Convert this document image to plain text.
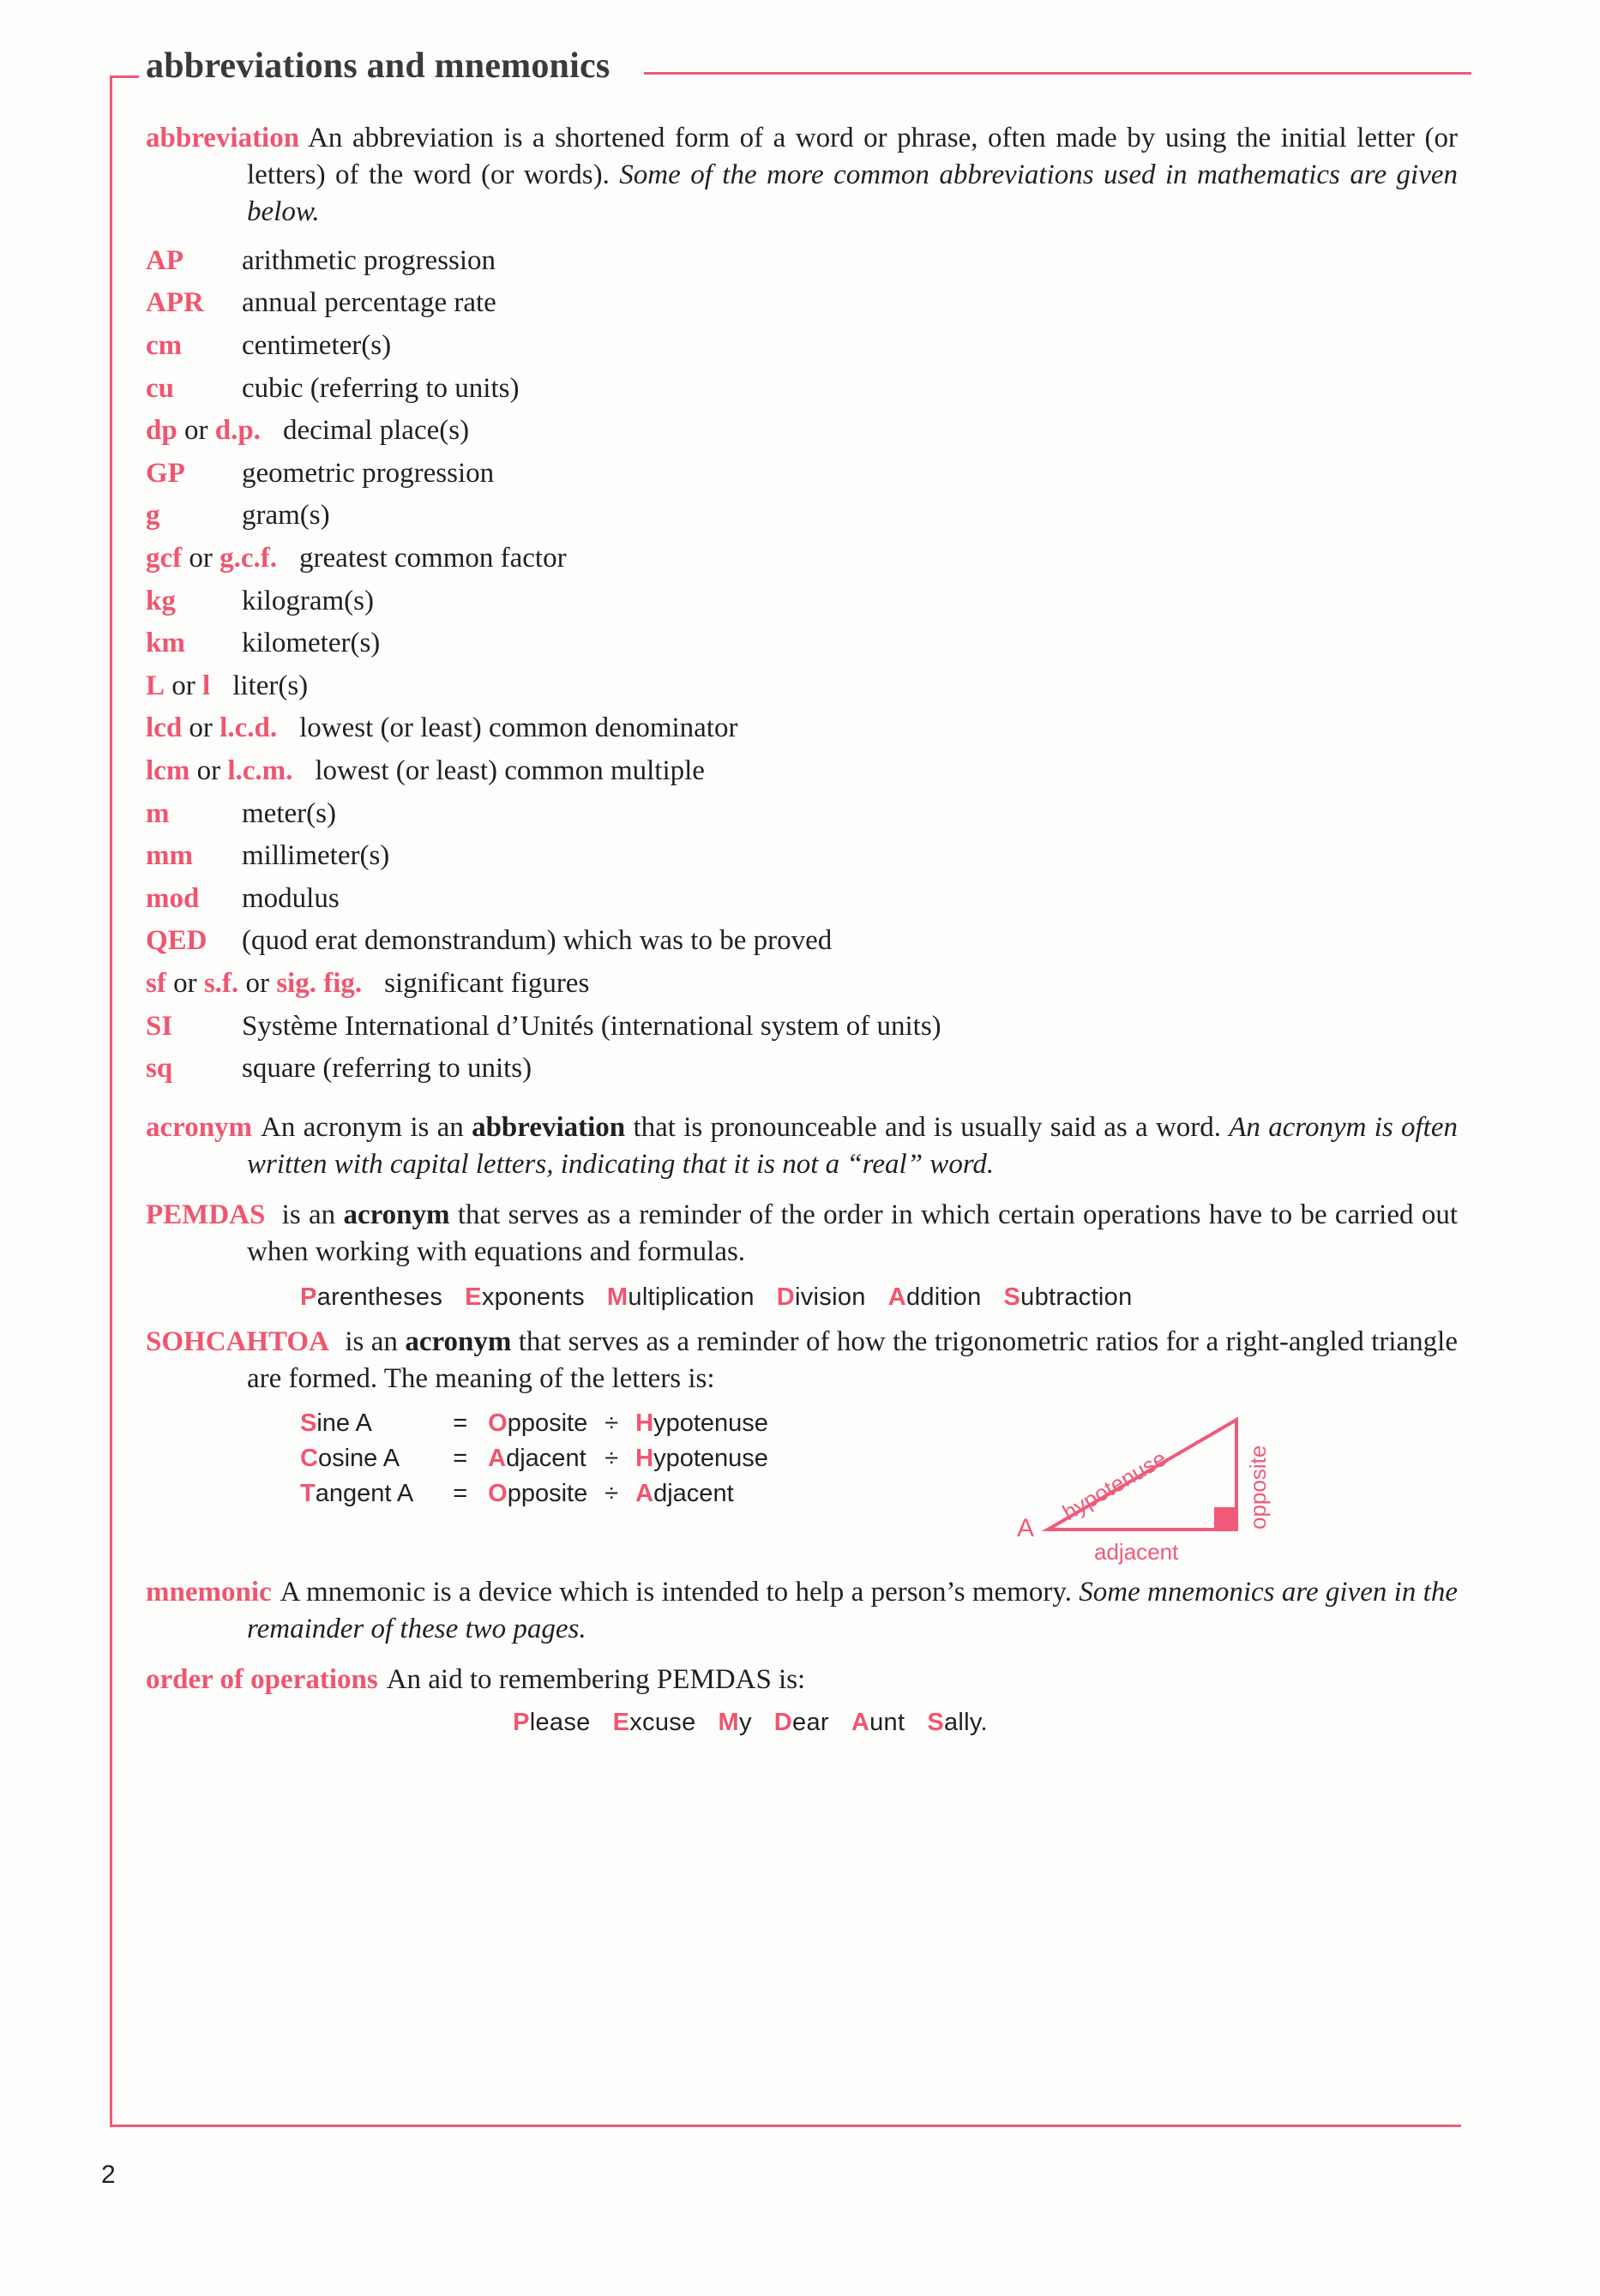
abbreviations and mnemonics

abbreviation An abbreviation is a shortened form of a word or phrase, often made by using the initial letter (or letters) of the word (or words). Some of the more common abbreviations used in mathematics are given below.

AP	arithmetic progression
APR	annual percentage rate
cm	centimeter(s)
cu	cubic (referring to units)
dp or d.p. decimal place(s)
GP	geometric progression
g	gram(s)
gcf or g.c.f. greatest common factor
kg	kilogram(s)
km	kilometer(s)
L or l liter(s)
lcd or l.c.d. lowest (or least) common denominator
lcm or l.c.m. lowest (or least) common multiple
m	meter(s)
mm	millimeter(s)
mod	modulus
QED	(quod erat demonstrandum) which was to be proved
sf or s.f. or sig. fig. significant figures
SI	Système International d’Unités (international system of units)
sq	square (referring to units)

acronym An acronym is an abbreviation that is pronounceable and is usually said as a word. An acronym is often written with capital letters, indicating that it is not a “real” word.

PEMDAS is an acronym that serves as a reminder of the order in which certain operations have to be carried out when working with equations and formulas.

Parentheses Exponents Multiplication Division Addition Subtraction

SOHCAHTOA is an acronym that serves as a reminder of how the trigonometric ratios for a right-angled triangle are formed. The meaning of the letters is:

Sine A	=	Opposite	÷	Hypotenuse
Cosine A	=	Adjacent	÷	Hypotenuse
Tangent A	=	Opposite	÷	Adjacent
A
hypotenuse	opposite
adjacent

mnemonic A mnemonic is a device which is intended to help a person’s memory. Some mnemonics are given in the remainder of these two pages.

order of operations An aid to remembering PEMDAS is:

Please Excuse My Dear Aunt Sally.
2
